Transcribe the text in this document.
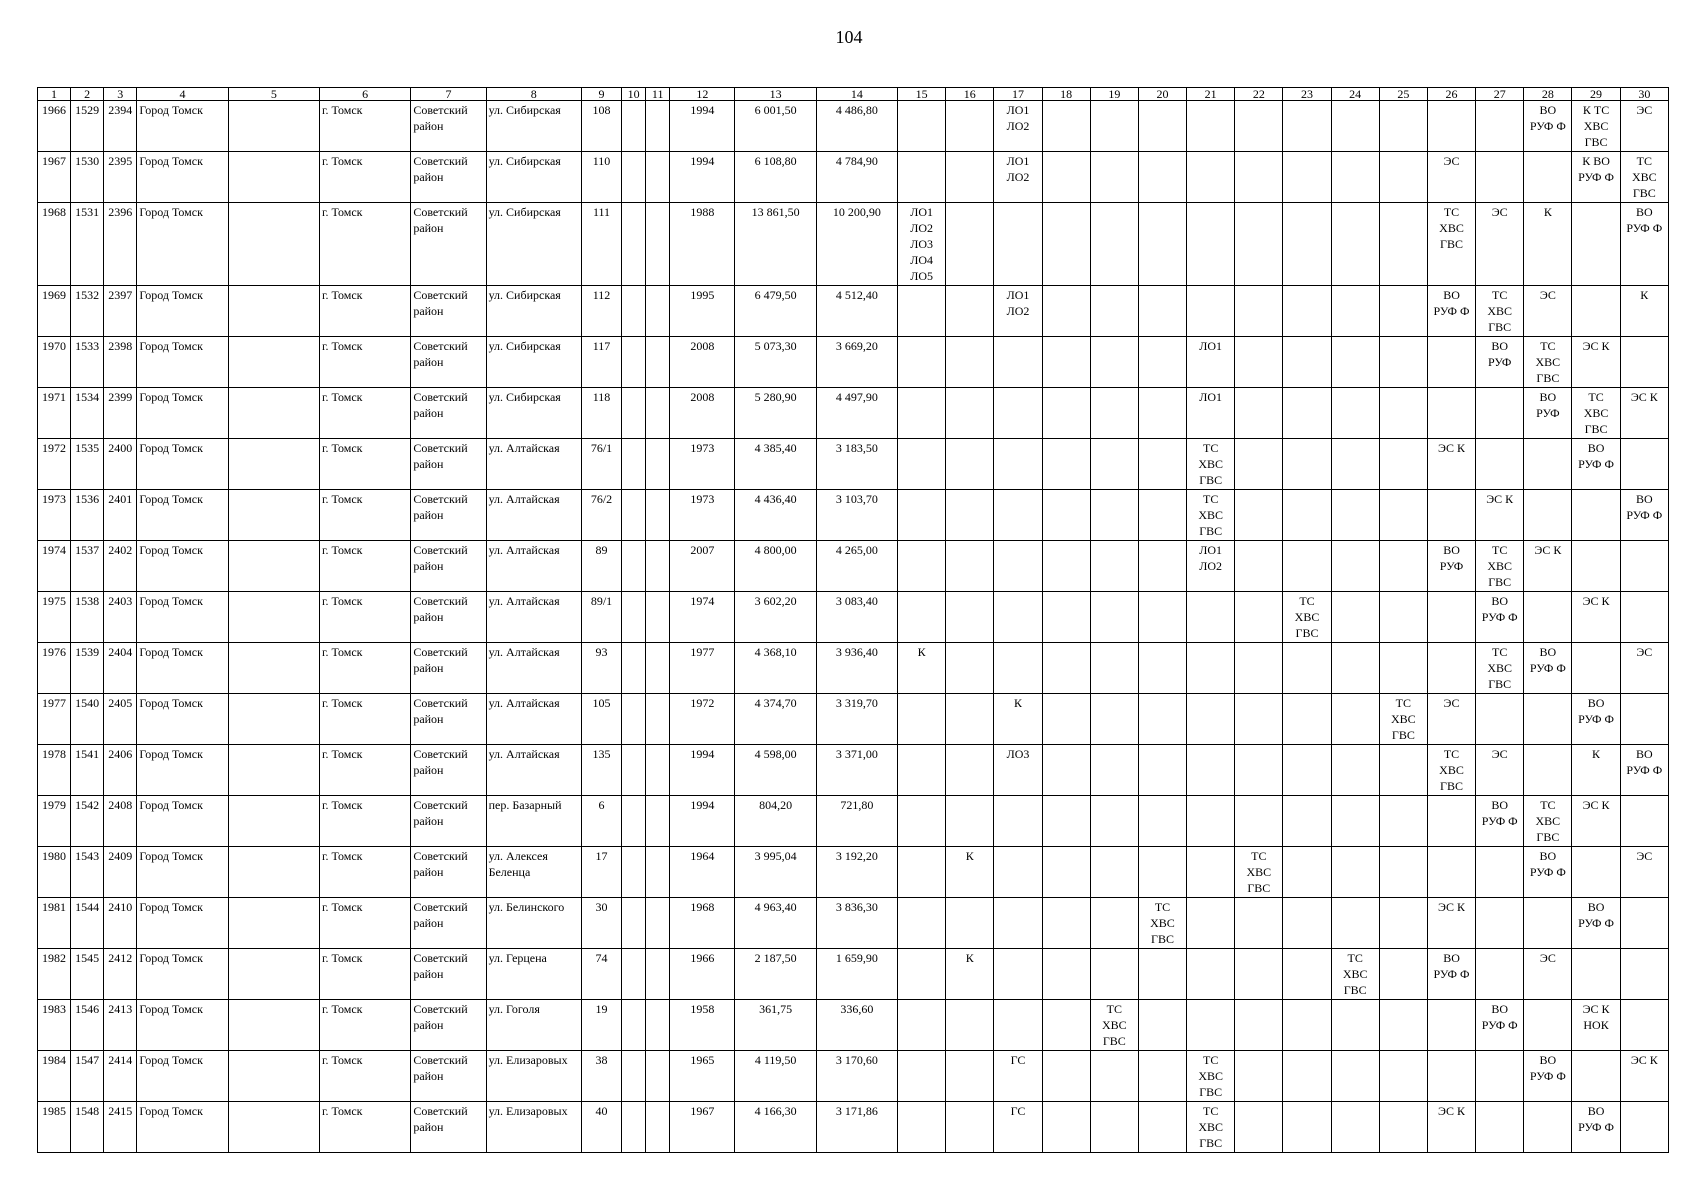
104
1	2	3	4	5	6	7	8	9	10	11	12	13	14	15	16	17	18	19	20	21	22	23	24	25	26	27	28	29	30
1966	1529	2394	Город Томск		г. Томск	Советский район	ул. Сибирская	108			1994	6 001,50	4 486,80			ЛО1
ЛО2											ВО
РУФ Ф	К ТС
ХВС
ГВС	ЭС

1967	1530	2395	Город Томск		г. Томск	Советский район	ул. Сибирская	110			1994	6 108,80	4 784,90			ЛО1
ЛО2									ЭС			К ВО
РУФ Ф	ТС
ХВС
ГВС

1968	1531	2396	Город Томск		г. Томск	Советский район	ул. Сибирская	111			1988	13 861,50	10 200,90	ЛО1
ЛО2
ЛО3
ЛО4
ЛО5											ТС
ХВС
ГВС	ЭС	К		ВО
РУФ Ф

1969	1532	2397	Город Томск		г. Томск	Советский район	ул. Сибирская	112			1995	6 479,50	4 512,40			ЛО1
ЛО2									ВО
РУФ Ф	ТС
ХВС
ГВС	ЭС		К

1970	1533	2398	Город Томск		г. Томск	Советский район	ул. Сибирская	117			2008	5 073,30	3 669,20							ЛО1						ВО
РУФ	ТС
ХВС
ГВС	ЭС К	

1971	1534	2399	Город Томск		г. Томск	Советский район	ул. Сибирская	118			2008	5 280,90	4 497,90							ЛО1							ВО
РУФ	ТС
ХВС
ГВС	ЭС К

1972	1535	2400	Город Томск		г. Томск	Советский район	ул. Алтайская	76/1			1973	4 385,40	3 183,50							ТС
ХВС
ГВС					ЭС К			ВО
РУФ Ф	

1973	1536	2401	Город Томск		г. Томск	Советский район	ул. Алтайская	76/2			1973	4 436,40	3 103,70							ТС
ХВС
ГВС						ЭС К			ВО
РУФ Ф

1974	1537	2402	Город Томск		г. Томск	Советский район	ул. Алтайская	89			2007	4 800,00	4 265,00							ЛО1
ЛО2					ВО
РУФ	ТС
ХВС
ГВС	ЭС К		

1975	1538	2403	Город Томск		г. Томск	Советский район	ул. Алтайская	89/1			1974	3 602,20	3 083,40									ТС
ХВС
ГВС				ВО
РУФ Ф		ЭС К	

1976	1539	2404	Город Томск		г. Томск	Советский район	ул. Алтайская	93			1977	4 368,10	3 936,40	К												ТС
ХВС
ГВС	ВО
РУФ Ф		ЭС

1977	1540	2405	Город Томск		г. Томск	Советский район	ул. Алтайская	105			1972	4 374,70	3 319,70			К								ТС
ХВС
ГВС	ЭС			ВО
РУФ Ф	

1978	1541	2406	Город Томск		г. Томск	Советский район	ул. Алтайская	135			1994	4 598,00	3 371,00			ЛО3									ТС
ХВС
ГВС	ЭС		К	ВО
РУФ Ф

1979	1542	2408	Город Томск		г. Томск	Советский район	пер. Базарный	6			1994	804,20	721,80													ВО
РУФ Ф	ТС
ХВС
ГВС	ЭС К	

1980	1543	2409	Город Томск		г. Томск	Советский район	ул. Алексея Беленца	17			1964	3 995,04	3 192,20		К						ТС
ХВС
ГВС						ВО
РУФ Ф		ЭС

1981	1544	2410	Город Томск		г. Томск	Советский район	ул. Белинского	30			1968	4 963,40	3 836,30						ТС
ХВС
ГВС						ЭС К			ВО
РУФ Ф	

1982	1545	2412	Город Томск		г. Томск	Советский район	ул. Герцена	74			1966	2 187,50	1 659,90		К								ТС
ХВС
ГВС		ВО
РУФ Ф		ЭС		

1983	1546	2413	Город Томск		г. Томск	Советский район	ул. Гоголя	19			1958	361,75	336,60					ТС
ХВС
ГВС								ВО
РУФ Ф		ЭС К
НОК	

1984	1547	2414	Город Томск		г. Томск	Советский район	ул. Елизаровых	38			1965	4 119,50	3 170,60			ГС				ТС
ХВС
ГВС							ВО
РУФ Ф		ЭС К

1985	1548	2415	Город Томск		г. Томск	Советский район	ул. Елизаровых	40			1967	4 166,30	3 171,86			ГС				ТС
ХВС
ГВС					ЭС К			ВО
РУФ Ф	
